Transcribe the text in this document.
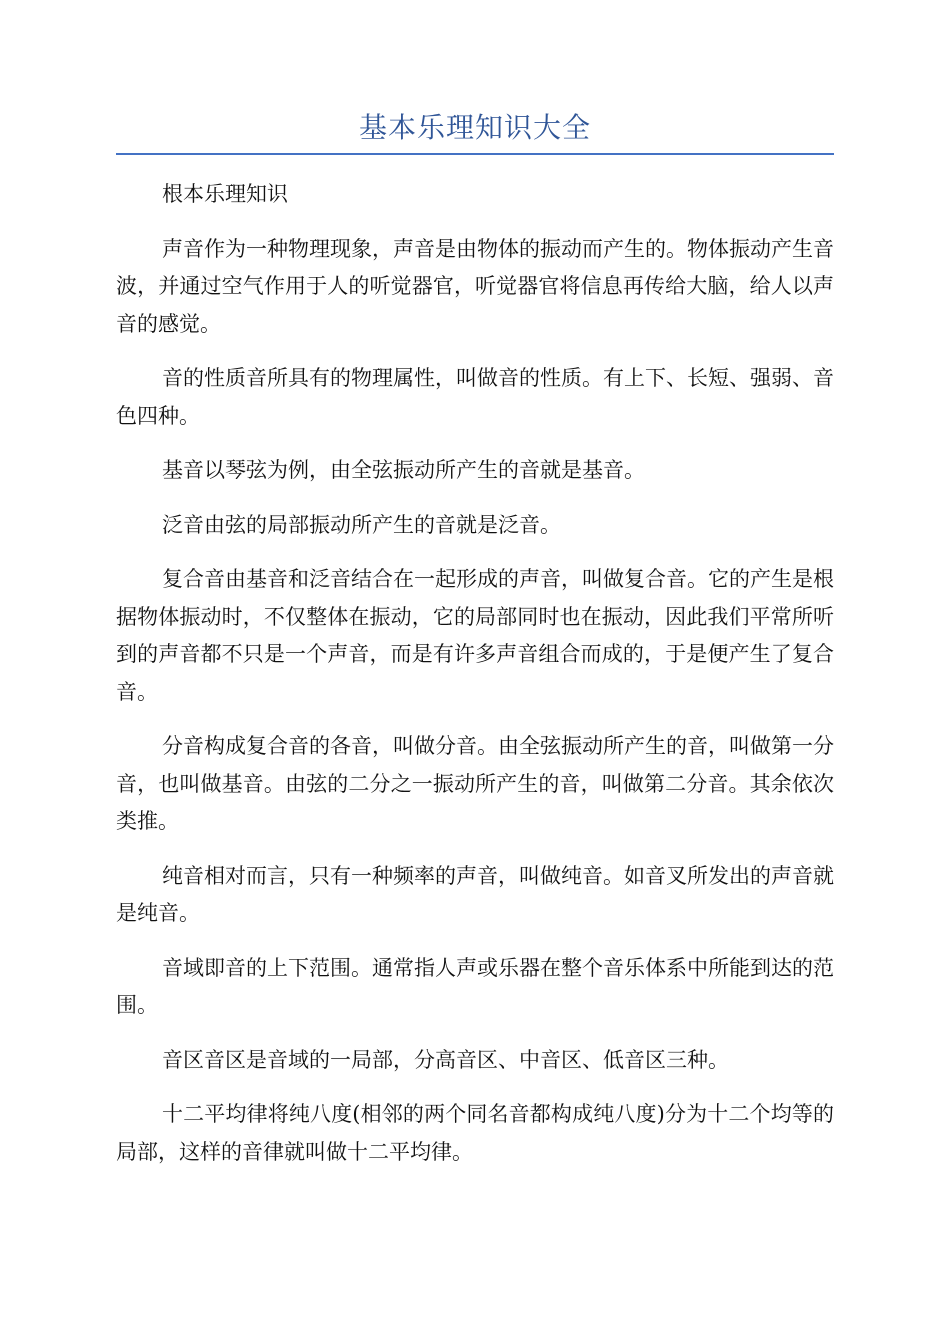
基本乐理知识大全

根本乐理知识

声音作为一种物理现象，声音是由物体的振动而产生的。物体振动产生音波，并通过空气作用于人的听觉器官，听觉器官将信息再传给大脑，给人以声音的感觉。

音的性质音所具有的物理属性，叫做音的性质。有上下、长短、强弱、音色四种。

基音以琴弦为例，由全弦振动所产生的音就是基音。

泛音由弦的局部振动所产生的音就是泛音。

复合音由基音和泛音结合在一起形成的声音，叫做复合音。它的产生是根据物体振动时，不仅整体在振动，它的局部同时也在振动，因此我们平常所听到的声音都不只是一个声音，而是有许多声音组合而成的，于是便产生了复合音。

分音构成复合音的各音，叫做分音。由全弦振动所产生的音，叫做第一分音，也叫做基音。由弦的二分之一振动所产生的音，叫做第二分音。其余依次类推。

纯音相对而言，只有一种频率的声音，叫做纯音。如音叉所发出的声音就是纯音。

音域即音的上下范围。通常指人声或乐器在整个音乐体系中所能到达的范围。

音区音区是音域的一局部，分高音区、中音区、低音区三种。

十二平均律将纯八度(相邻的两个同名音都构成纯八度)分为十二个均等的局部，这样的音律就叫做十二平均律。
